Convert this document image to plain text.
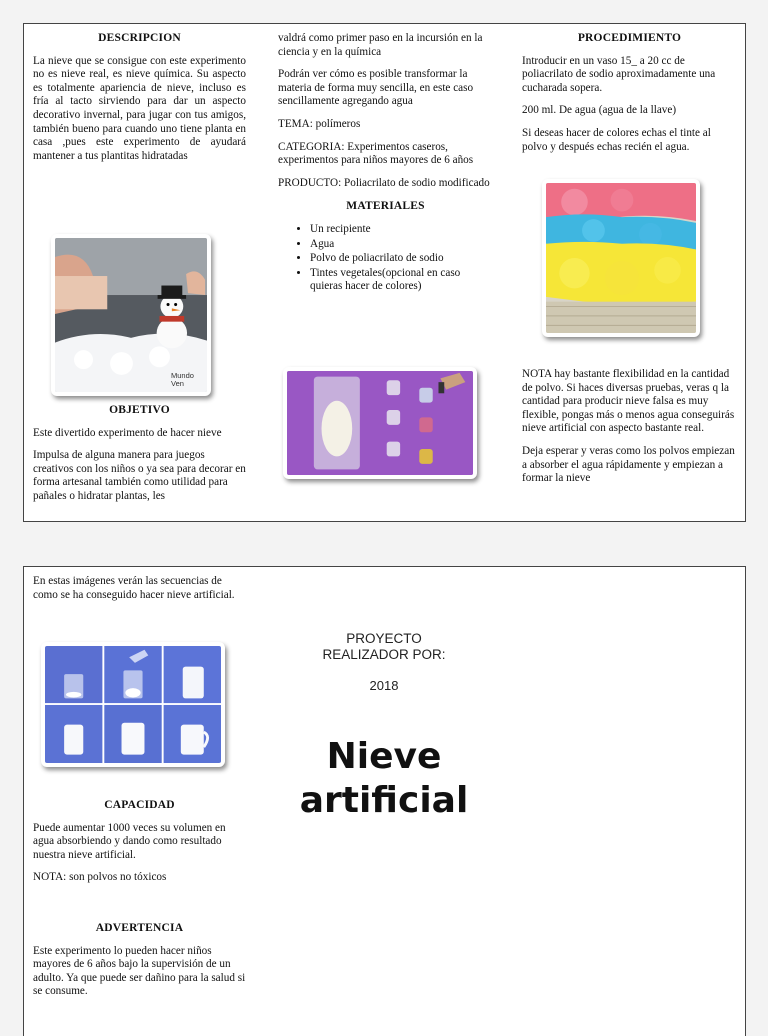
DESCRIPCION

La nieve que se consigue con este experimento no es nieve real, es nieve química. Su aspecto es totalmente apariencia de nieve, incluso es fría al tacto sirviendo para dar un aspecto decorativo invernal, para jugar con tus amigos, también bueno para cuando uno tiene planta en casa ,pues este experimento de ayudará mantener a tus plantitas hidratadas

Mundo Ven
OBJETIVO

Este divertido experimento de hacer nieve

Impulsa de alguna manera para juegos creativos con los niños o ya sea para decorar en forma artesanal también como utilidad para pañales o hidratar plantas, les

valdrá como primer paso en la incursión en la ciencia y en la química

Podrán ver cómo es posible transformar la materia de forma muy sencilla, en este caso sencillamente agregando agua

TEMA: polímeros

CATEGORIA: Experimentos caseros, experimentos para niños mayores de 6 años

PRODUCTO: Poliacrilato de sodio modificado

MATERIALES
• Un recipiente
• Agua
• Polvo de poliacrilato de sodio
• Tintes vegetales(opcional en caso quieras hacer de colores)
PROCEDIMIENTO

Introducir en un vaso 15_ a 20 cc de poliacrilato de sodio aproximadamente una cucharada sopera.

200 ml. De agua (agua de la llave)

Si deseas hacer de colores echas el tinte al polvo y después echas recién el agua.

NOTA hay bastante flexibilidad en la cantidad de polvo. Si haces diversas pruebas, veras q la cantidad para producir nieve falsa es muy flexible, pongas más o menos agua conseguirás nieve artificial con aspecto bastante real.

Deja esperar y veras como los polvos empiezan a absorber el agua rápidamente y empiezan a formar la nieve

En estas imágenes verán las secuencias de como se ha conseguido hacer nieve artificial.

CAPACIDAD

Puede aumentar 1000 veces su volumen en agua absorbiendo y dando como resultado nuestra nieve artificial.

NOTA: son polvos no tóxicos

ADVERTENCIA

Este experimento lo pueden hacer niños mayores de 6 años bajo la supervisión de un adulto. Ya que puede ser dañino para la salud si se consume.

PROYECTO REALIZADOR POR:
2018
Nieve
artificial
